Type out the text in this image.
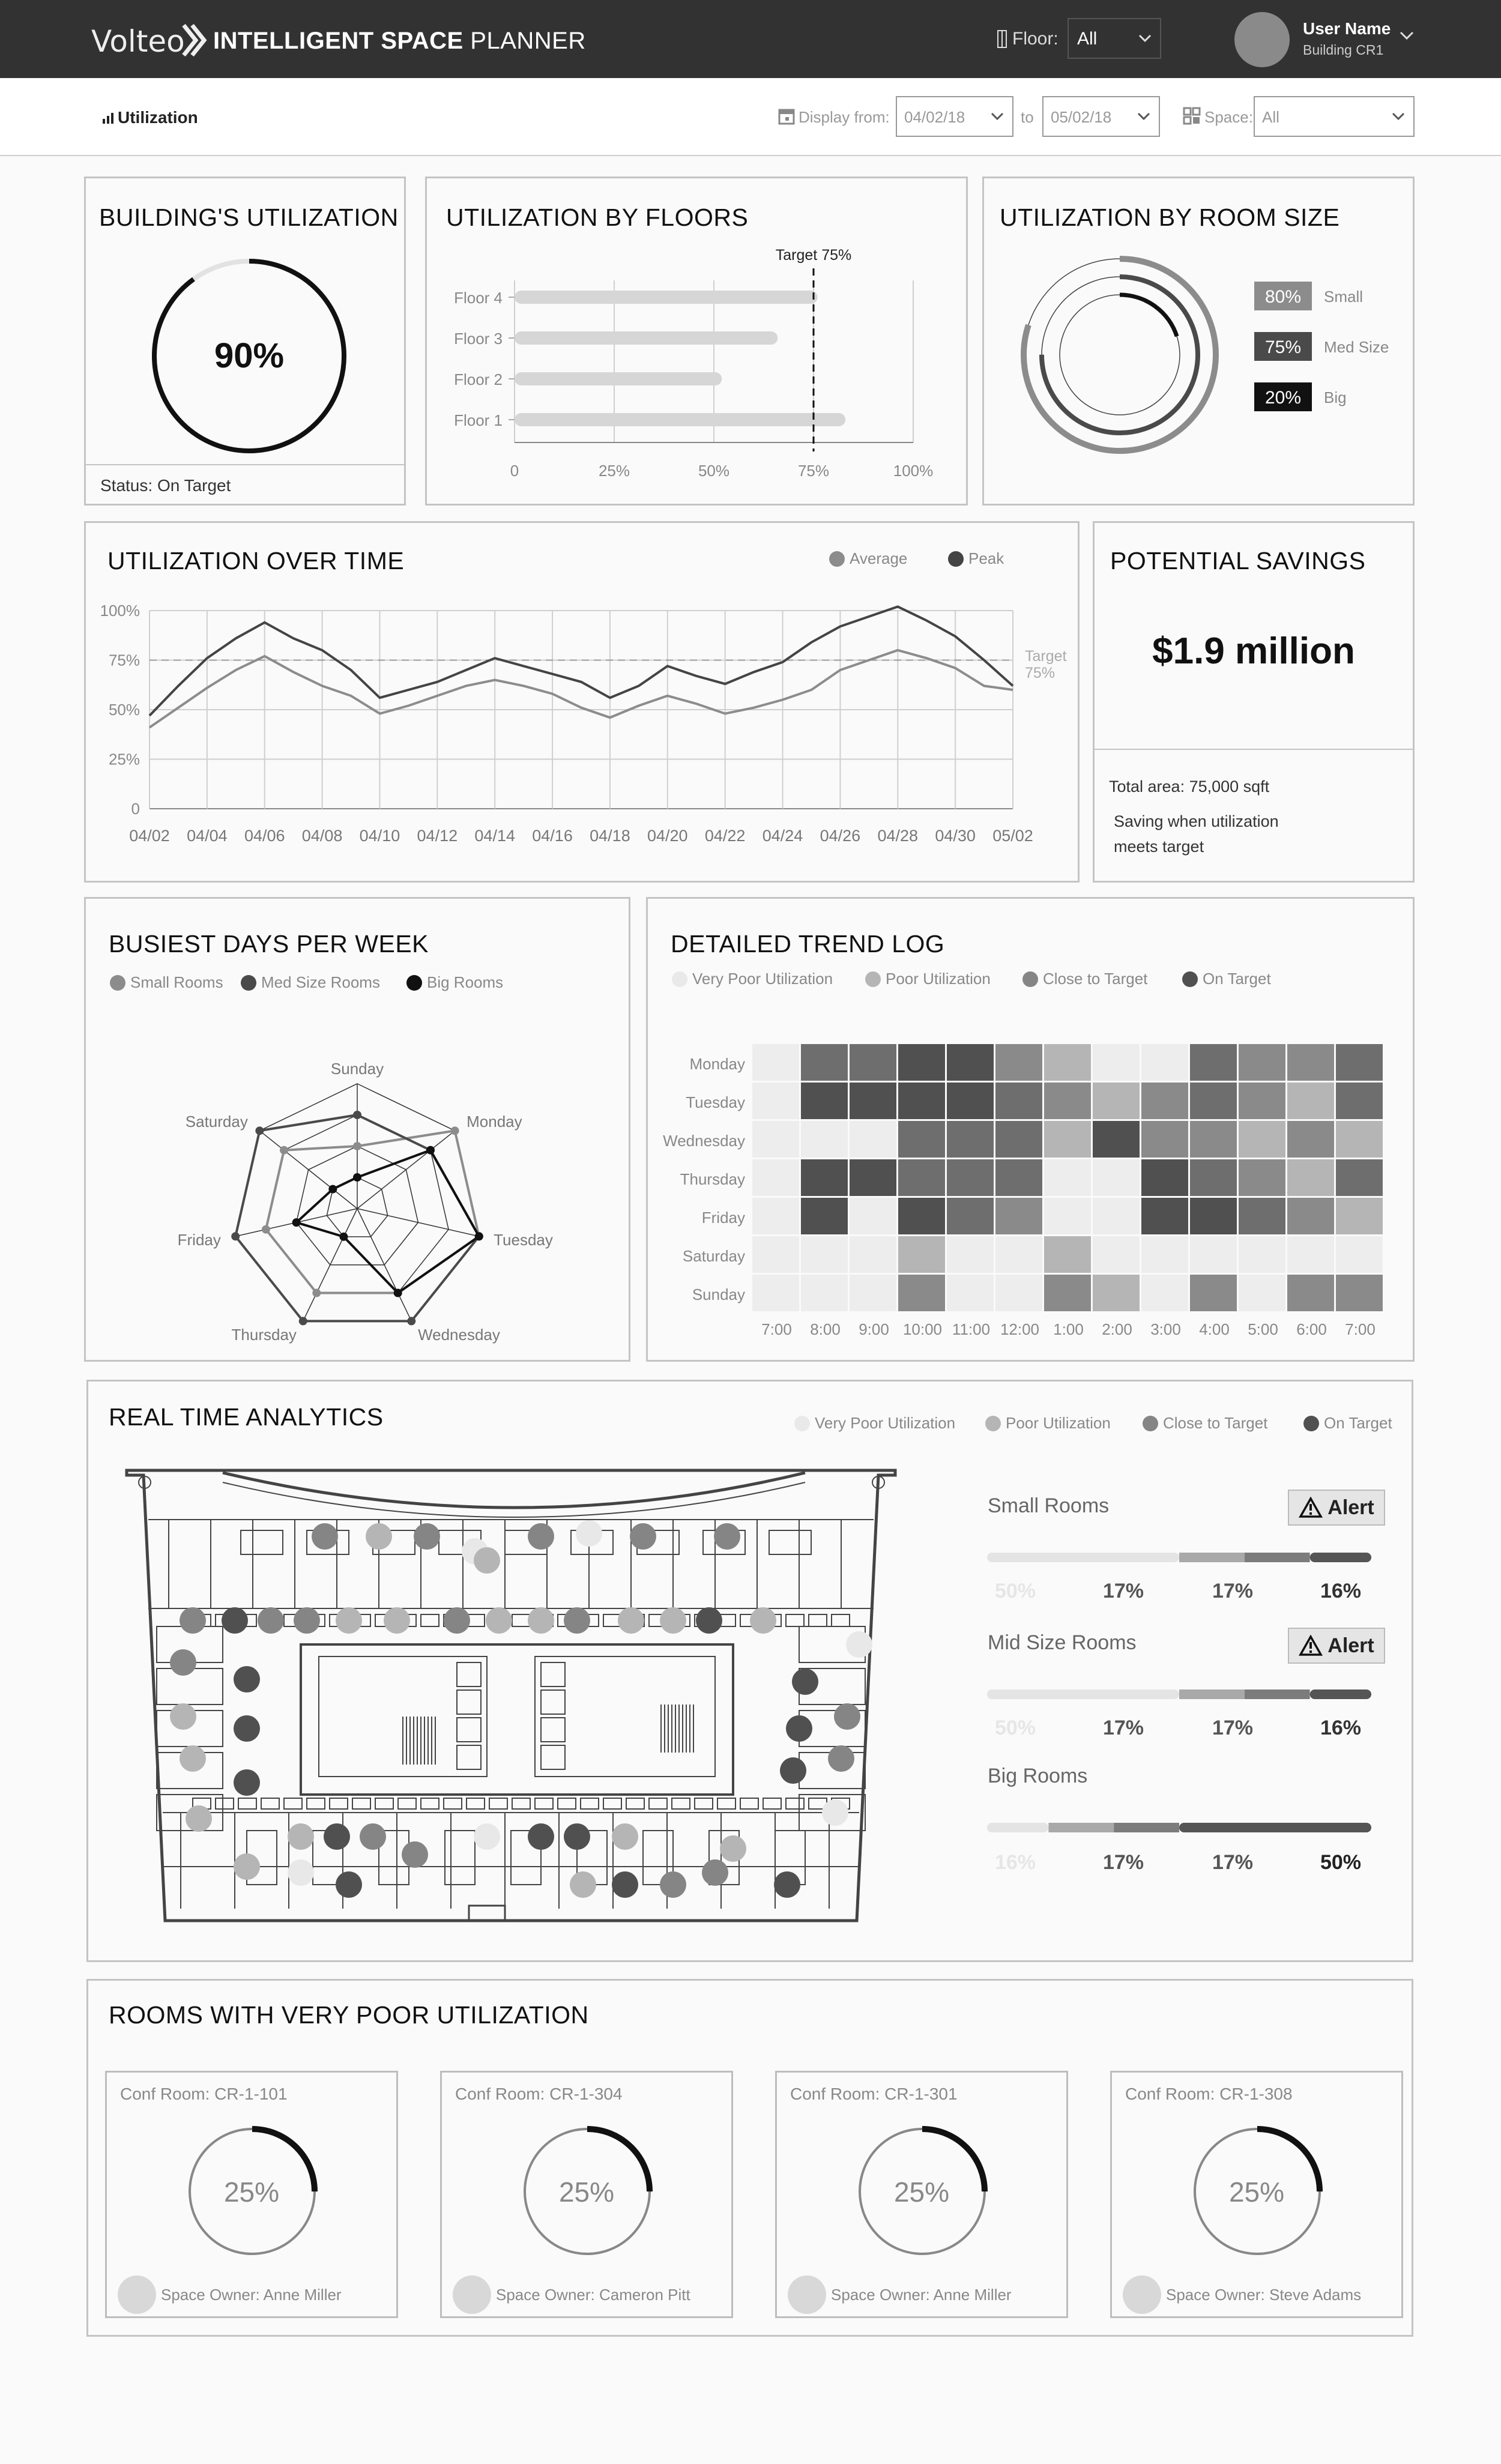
Volteo INTELLIGENT SPACE PLANNER	Floor:	All
User Name
Building CR1
Utilization	Display from: 04/02/18	to	05/02/18	Space: All
BUILDING'S UTILIZATION
90%
Status: On Target
UTILIZATION BY FLOORS
0	25%	50%	75%	100%
Floor 4
Floor 3
Floor 2
Floor 1
Target 75%
UTILIZATION BY ROOM SIZE
80% Small
75% Med Size
20% Big
UTILIZATION OVER TIME	Average	Peak
0
25%
50%
75%
100%
04/02 04/04 04/06 04/08 04/10 04/12 04/14 04/16 04/18 04/20 04/22 04/24 04/26 04/28 04/30 05/02
Target
75%
POTENTIAL SAVINGS
$1.9 million
Total area: 75,000 sqft
Saving when utilization
meets target
BUSIEST DAYS PER WEEK
Small Rooms Med Size Rooms	Big Rooms
Sunday
Monday
Tuesday
Wednesday
Thursday
Friday
Saturday
DETAILED TREND LOG
Very Poor Utilization	Poor Utilization	Close to Target	On Target
Monday
Tuesday
Wednesday
Thursday
Friday
Saturday
Sunday
7:00 8:00 9:00 10:00 11:00 12:00 1:00 2:00 3:00 4:00 5:00 6:00 7:00
REAL TIME ANALYTICS	Very Poor Utilization	Poor Utilization	Close to Target	On Target
Small Rooms	Alert
50%	17%	17%	16%
Mid Size Rooms	Alert
50%	17%	17%	16%
Big Rooms
16%	17%	17%	50%
ROOMS WITH VERY POOR UTILIZATION
Conf Room: CR-1-101
25%
Space Owner: Anne Miller
Conf Room: CR-1-304
25%
Space Owner: Cameron Pitt
Conf Room: CR-1-301
25%
Space Owner: Anne Miller
Conf Room: CR-1-308
25%
Space Owner: Steve Adams
